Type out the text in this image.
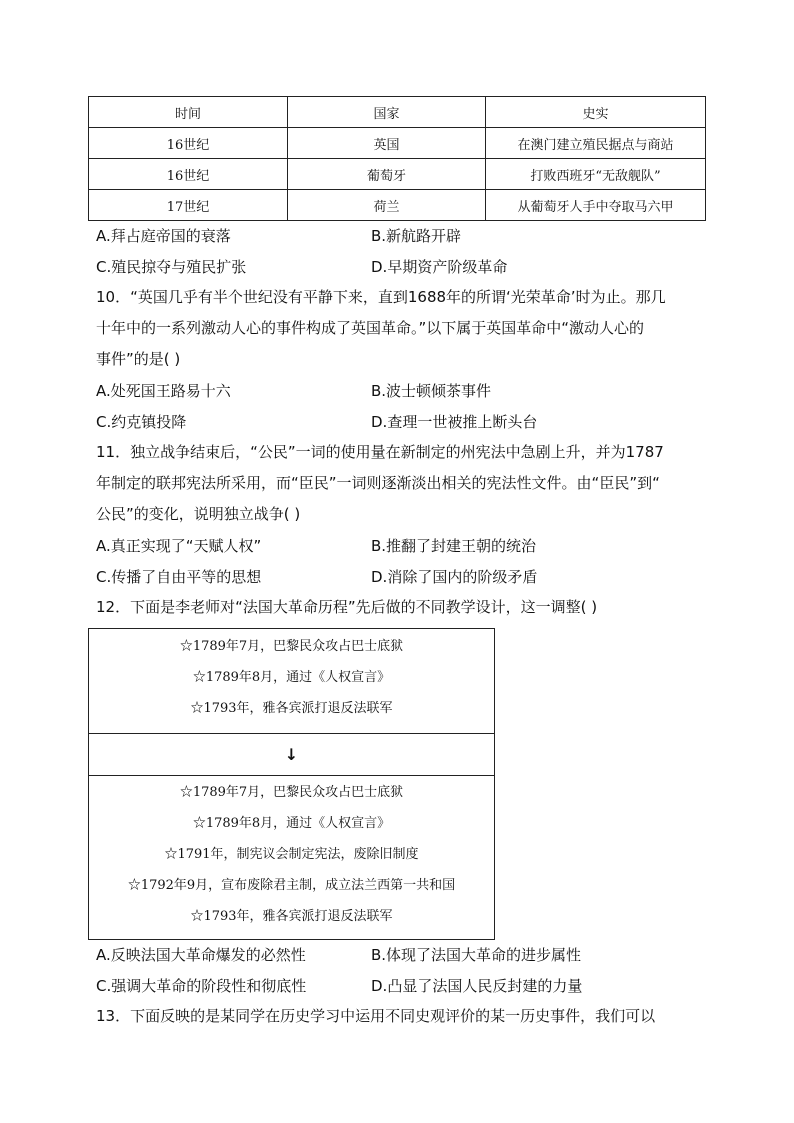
时间	国家	史实
16世纪	英国	在澳门建立殖民据点与商站
16世纪	葡萄牙	打败西班牙“无敌舰队”
17世纪	荷兰	从葡萄牙人手中夺取马六甲
A.拜占庭帝国的衰落	B.新航路开辟
C.殖民掠夺与殖民扩张	D.早期资产阶级革命
10．“英国几乎有半个世纪没有平静下来，直到1688年的所谓‘光荣革命’时为止。那几
十年中的一系列激动人心的事件构成了英国革命。”以下属于英国革命中“激动人心的
事件”的是( )
A.处死国王路易十六	B.波士顿倾茶事件
C.约克镇投降	D.查理一世被推上断头台
11．独立战争结束后，“公民”一词的使用量在新制定的州宪法中急剧上升，并为1787
年制定的联邦宪法所采用，而“臣民”一词则逐渐淡出相关的宪法性文件。由“臣民”到“
公民”的变化，说明独立战争( )
A.真正实现了“天赋人权”	B.推翻了封建王朝的统治
C.传播了自由平等的思想	D.消除了国内的阶级矛盾
12．下面是李老师对“法国大革命历程”先后做的不同教学设计，这一调整( )
☆1789年7月，巴黎民众攻占巴士底狱
☆1789年8月，通过《人权宣言》
☆1793年，雅各宾派打退反法联军
↓
☆1789年7月，巴黎民众攻占巴士底狱
☆1789年8月，通过《人权宣言》
☆1791年，制宪议会制定宪法，废除旧制度
☆1792年9月，宣布废除君主制，成立法兰西第一共和国
☆1793年，雅各宾派打退反法联军
A.反映法国大革命爆发的必然性	B.体现了法国大革命的进步属性
C.强调大革命的阶段性和彻底性	D.凸显了法国人民反封建的力量
13．下面反映的是某同学在历史学习中运用不同史观评价的某一历史事件，我们可以
